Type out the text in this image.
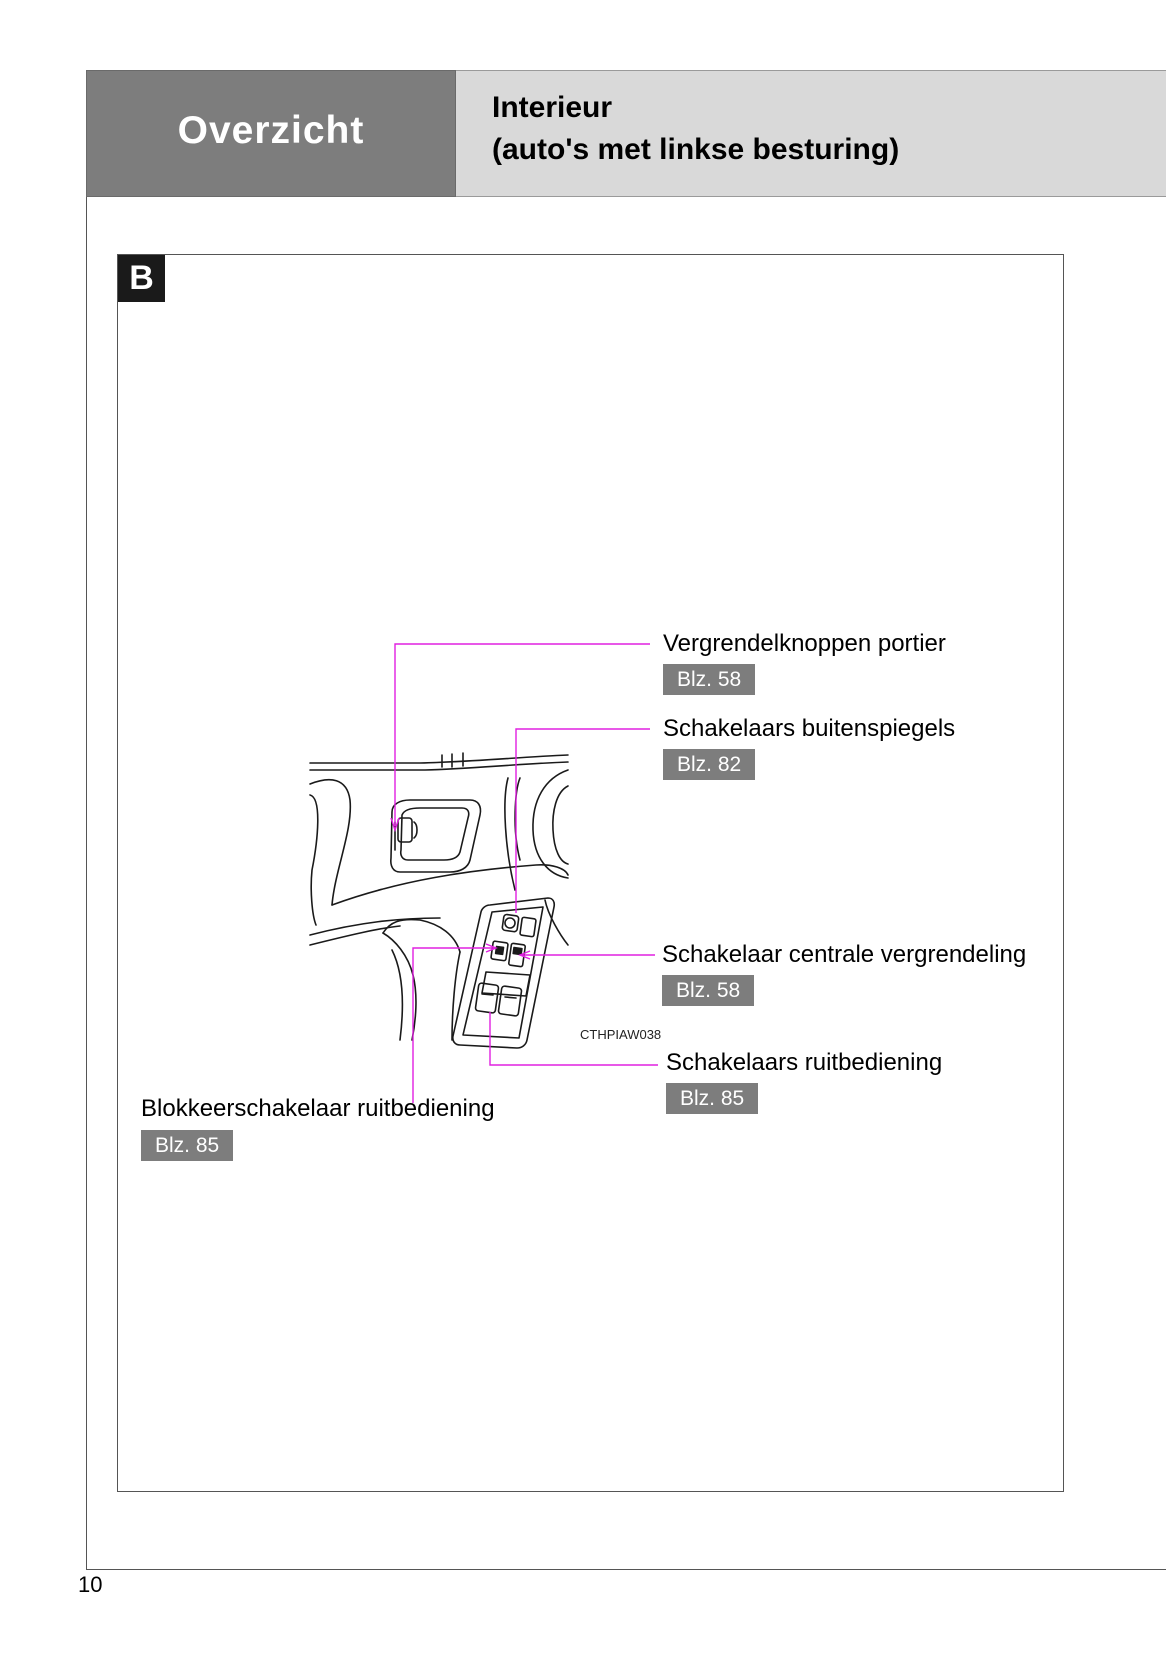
Overzicht
Interieur
(auto's met linkse besturing)
B
Vergrendelknoppen portier
Blz. 58
Schakelaars buitenspiegels
Blz. 82
Schakelaar centrale vergrendeling
Blz. 58
CTHPIAW038
Schakelaars ruitbediening
Blz. 85
Blokkeerschakelaar ruitbediening
Blz. 85
10
